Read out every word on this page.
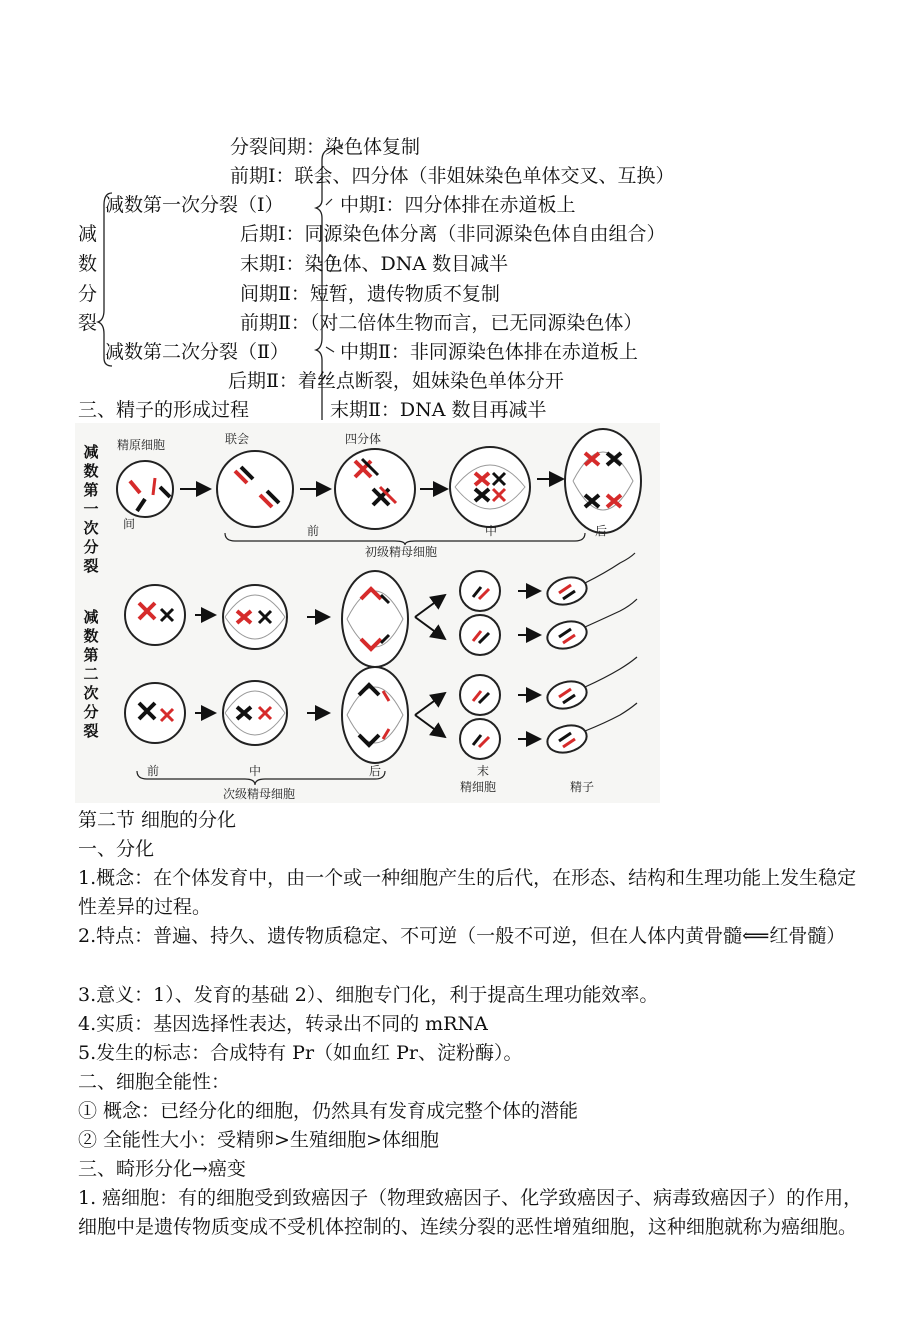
减
数
分
裂
分裂间期：染色体复制
前期Ⅰ：联会、四分体（非姐妹染色单体交叉、互换）
减数第一次分裂（Ⅰ）	中期Ⅰ：四分体排在赤道板上
后期Ⅰ：同源染色体分离（非同源染色体自由组合）
末期Ⅰ：染色体、DNA 数目减半
间期Ⅱ：短暂，遗传物质不复制
前期Ⅱ：（对二倍体生物而言，已无同源染色体）
减数第二次分裂（Ⅱ）	中期Ⅱ：非同源染色体排在赤道板上
后期Ⅱ：着丝点断裂，姐妹染色单体分开
三、精子的形成过程	末期Ⅱ：DNA 数目再减半
减
数
第
一
次
分
裂
减
数
第
二
次
分
裂
精原细胞	联会	四分体
间	前	中	后
初级精母细胞
前	中	后	末
次级精母细胞	精细胞	精子
第二节 细胞的分化
一、分化
1.概念：在个体发育中，由一个或一种细胞产生的后代，在形态、结构和生理功能上发生稳定性差异的过程。
2.特点：普遍、持久、遗传物质稳定、不可逆（一般不可逆，但在人体内黄骨髓⟸红骨髓）
3.意义：1）、发育的基础 2）、细胞专门化，利于提高生理功能效率。
4.实质：基因选择性表达，转录出不同的 mRNA
5.发生的标志：合成特有 Pr（如血红 Pr、淀粉酶）。
二、细胞全能性：
① 概念：已经分化的细胞，仍然具有发育成完整个体的潜能
② 全能性大小：受精卵>生殖细胞>体细胞
三、畸形分化→癌变
1. 癌细胞：有的细胞受到致癌因子（物理致癌因子、化学致癌因子、病毒致癌因子）的作用，细胞中是遗传物质变成不受机体控制的、连续分裂的恶性增殖细胞，这种细胞就称为癌细胞。
